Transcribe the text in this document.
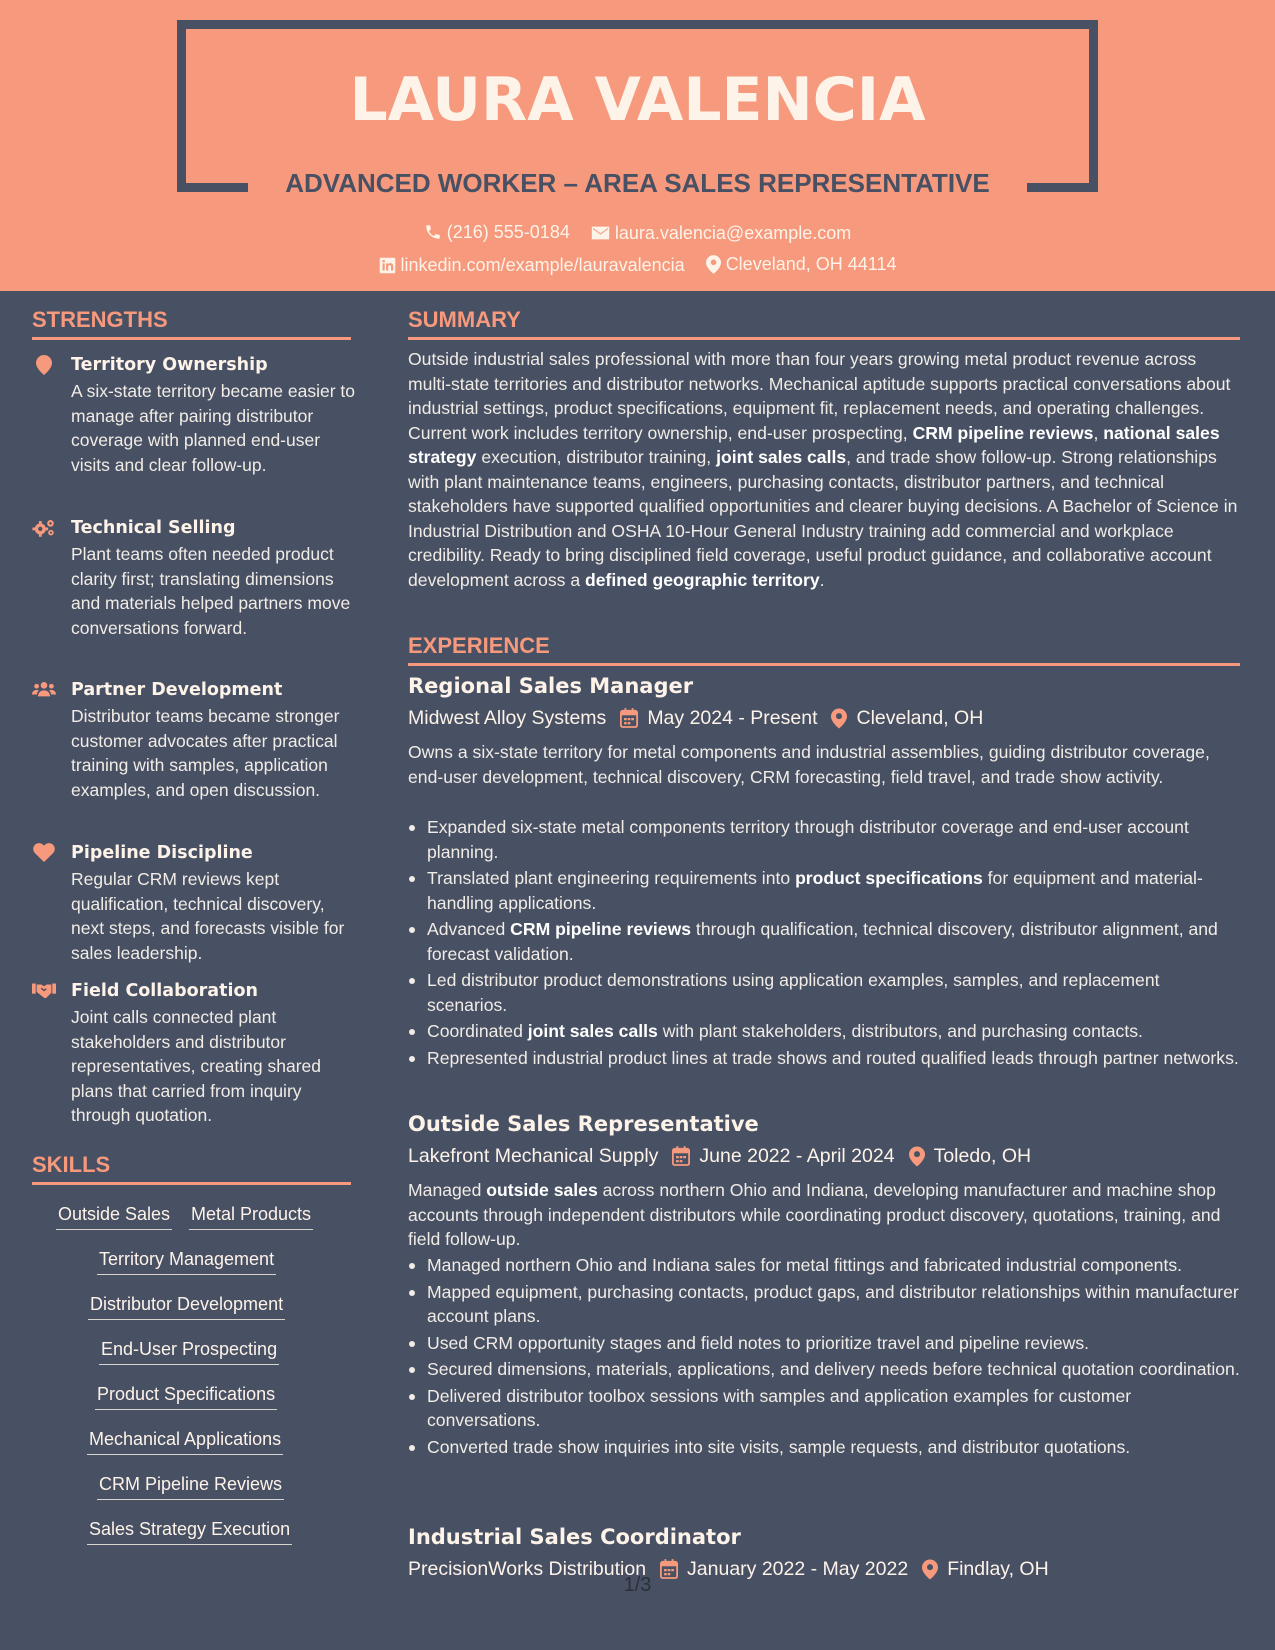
LAURA VALENCIA
ADVANCED WORKER – AREA SALES REPRESENTATIVE
(216) 555-0184
	laura.valencia@example.com
linkedin.com/example/lauravalencia
Cleveland, OH 44114
STRENGTHS
Territory Ownership
A six-state territory became easier to manage after pairing distributor coverage with planned end-user visits and clear follow-up.
Technical Selling
Plant teams often needed product clarity first; translating dimensions and materials helped partners move conversations forward.
Partner Development
Distributor teams became stronger customer advocates after practical training with samples, application examples, and open discussion.
Pipeline Discipline
Regular CRM reviews kept qualification, technical discovery, next steps, and forecasts visible for sales leadership.
Field Collaboration
Joint calls connected plant stakeholders and distributor representatives, creating shared plans that carried from inquiry through quotation.
SKILLS
Outside Sales Metal Products
Territory Management
Distributor Development
End-User Prospecting
Product Specifications
Mechanical Applications
CRM Pipeline Reviews
Sales Strategy Execution
SUMMARY
Outside industrial sales professional with more than four years growing metal product revenue across multi-state territories and distributor networks. Mechanical aptitude supports practical conversations about industrial settings, product specifications, equipment fit, replacement needs, and operating challenges. Current work includes territory ownership, end-user prospecting, CRM pipeline reviews, national sales strategy execution, distributor training, joint sales calls, and trade show follow-up. Strong relationships with plant maintenance teams, engineers, purchasing contacts, distributor partners, and technical stakeholders have supported qualified opportunities and clearer buying decisions. A Bachelor of Science in Industrial Distribution and OSHA 10-Hour General Industry training add commercial and workplace credibility. Ready to bring disciplined field coverage, useful product guidance, and collaborative account development across a defined geographic territory.
EXPERIENCE
Regional Sales Manager
Midwest Alloy Systems May 2024 - Present Cleveland, OH
Owns a six-state territory for metal components and industrial assemblies, guiding distributor coverage, end-user development, technical discovery, CRM forecasting, field travel, and trade show activity.
Expanded six-state metal components territory through distributor coverage and end-user account planning.
Translated plant engineering requirements into product specifications for equipment and material-handling applications.
Advanced CRM pipeline reviews through qualification, technical discovery, distributor alignment, and forecast validation.
Led distributor product demonstrations using application examples, samples, and replacement scenarios.
Coordinated joint sales calls with plant stakeholders, distributors, and purchasing contacts.
Represented industrial product lines at trade shows and routed qualified leads through partner networks.
Outside Sales Representative
Lakefront Mechanical Supply June 2022 - April 2024 Toledo, OH
Managed outside sales across northern Ohio and Indiana, developing manufacturer and machine shop accounts through independent distributors while coordinating product discovery, quotations, training, and field follow-up.
Managed northern Ohio and Indiana sales for metal fittings and fabricated industrial components.
Mapped equipment, purchasing contacts, product gaps, and distributor relationships within manufacturer account plans.
Used CRM opportunity stages and field notes to prioritize travel and pipeline reviews.
Secured dimensions, materials, applications, and delivery needs before technical quotation coordination.
Delivered distributor toolbox sessions with samples and application examples for customer conversations.
Converted trade show inquiries into site visits, sample requests, and distributor quotations.
Industrial Sales Coordinator
PrecisionWorks Distribution January 2022 - May 2022 Findlay, OH
1/3
